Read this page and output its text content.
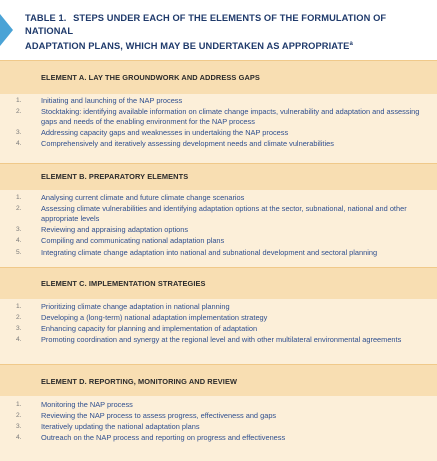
TABLE 1. STEPS UNDER EACH OF THE ELEMENTS OF THE FORMULATION OF NATIONAL
ADAPTATION PLANS, WHICH MAY BE UNDERTAKEN AS APPROPRIATE$^a$
ELEMENT A. LAY THE GROUNDWORK AND ADDRESS GAPS
1.	Initiating and launching of the NAP process
2.	Stocktaking: identifying available information on climate change impacts, vulnerability and adaptation and assessing gaps and needs of the enabling environment for the NAP process
3.	Addressing capacity gaps and weaknesses in undertaking the NAP process
4.	Comprehensively and iteratively assessing development needs and climate vulnerabilities
ELEMENT B. PREPARATORY ELEMENTS
1.	Analysing current climate and future climate change scenarios
2.	Assessing climate vulnerabilities and identifying adaptation options at the sector, subnational, national and other appropriate levels
3.	Reviewing and appraising adaptation options
4.	Compiling and communicating national adaptation plans
5.	Integrating climate change adaptation into national and subnational development and sectoral planning
ELEMENT C. IMPLEMENTATION STRATEGIES
1.	Prioritizing climate change adaptation in national planning
2.	Developing a (long-term) national adaptation implementation strategy
3.	Enhancing capacity for planning and implementation of adaptation
4.	Promoting coordination and synergy at the regional level and with other multilateral environmental agreements
ELEMENT D. REPORTING, MONITORING AND REVIEW
1.	Monitoring the NAP process
2.	Reviewing the NAP process to assess progress, effectiveness and gaps
3.	Iteratively updating the national adaptation plans
4.	Outreach on the NAP process and reporting on progress and effectiveness
